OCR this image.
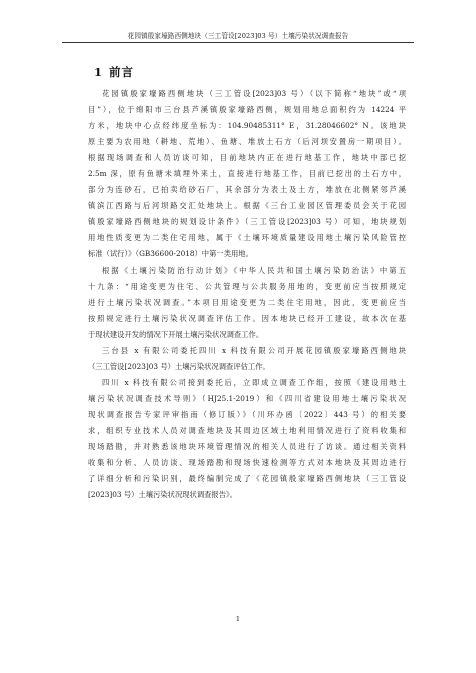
花园镇殷家壕路西侧地块（三工管设[2023]03 号）土壤污染状况调查报告
1 前言

花园镇殷家壕路西侧地块（三工管设[2023]03 号）（以下简称“地块”或“项
目”），位于绵阳市三台县芦溪镇殷家壕路西侧，规划用地总面积约为 14224 平
方米，地块中心点经纬度坐标为：104.90485311° E，31.28046602° N。该地块
原主要为农用地（耕地、荒地）、鱼塘、堆放土石方（后河坝安置房一期项目）。
根据现场调查和人员访谈可知，目前地块内正在进行地基工作，地块中部已挖
2.5m 深，原有鱼塘未填埋外来土，直接进行地基工作，目前已挖出的土石方中，
部分为连砂石，已拍卖给砂石厂，其余部分为表土及土方，堆放在北侧紧邻芦溪
镇滨江西路与后河坝路交汇处地块上。根据《三台工业园区管理委员会关于花园
镇殷家壕路西侧地块的规划设计条件》（三工管设[2023]03 号）可知，地块规划
用地性质变更为二类住宅用地，属于《土壤环境质量建设用地土壤污染风险管控
标准（试行）》（GB36600-2018）中第一类用地。

根据《土壤污染防治行动计划》《中华人民共和国土壤污染防治法》中第五
十九条：“用途变更为住宅、公共管理与公共服务用地的，变更前应当按照规定
进行土壤污染状况调查。”本项目用途变更为二类住宅用地，因此，变更前应当
按照规定进行土壤污染状况调查评估工作。因本地块已经开工建设，故本次在基
于现状建设开发的情况下开展土壤污染状况调查工作。

三台县 x 有限公司委托四川 x 科技有限公司开展花园镇殷家壕路西侧地块
（三工管设[2023]03 号）土壤污染状况调查评估工作。

四川 x 科技有限公司接到委托后，立即成立调查工作组，按照《建设用地土
壤污染状况调查技术导则》（HJ25.1-2019）和《四川省建设用地土壤污染状况
现状调查报告专家评审指南（修订版）》（川环办函〔2022〕443 号）的相关要
求，组织专业技术人员对调查地块及其周边区域土地利用情况进行了资料收集和
现场踏勘，并对熟悉该地块环境管理情况的相关人员进行了访谈。通过相关资料
收集和分析、人员访谈、现场踏勘和现场快速检测等方式对本地块及其周边进行
了详细分析和污染识别，最终编制完成了《花园镇殷家壕路西侧地块（三工管设
[2023]03 号）土壤污染状况现状调查报告》。

1
